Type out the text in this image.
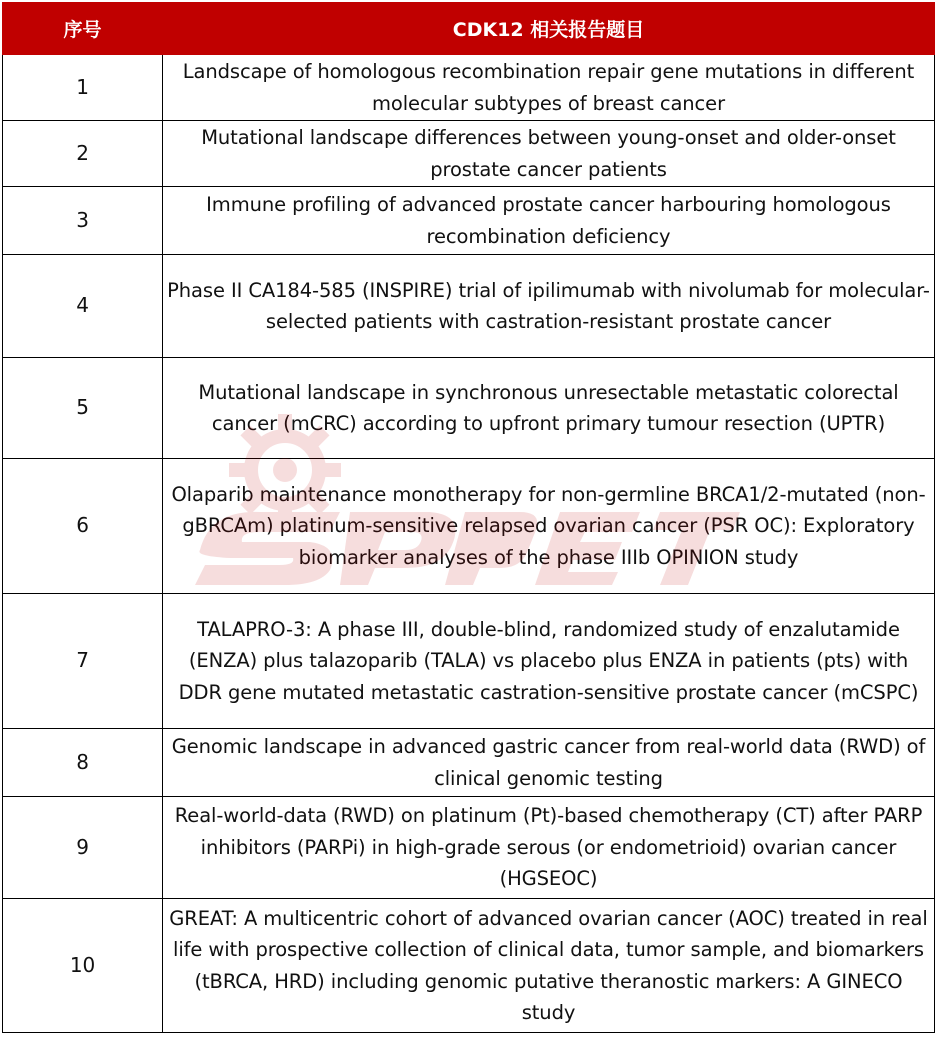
序号	CDK12 相关报告题目
1	Landscape of homologous recombination repair gene mutations in different molecular subtypes of breast cancer
2	Mutational landscape differences between young-onset and older-onset prostate cancer patients
3	Immune profiling of advanced prostate cancer harbouring homologous recombination deficiency
4	Phase II CA184-585 (INSPIRE) trial of ipilimumab with nivolumab for molecular-selected patients with castration-resistant prostate cancer
5	Mutational landscape in synchronous unresectable metastatic colorectal cancer (mCRC) according to upfront primary tumour resection (UPTR)
6	Olaparib maintenance monotherapy for non-germline BRCA1/2-mutated (non-gBRCAm) platinum-sensitive relapsed ovarian cancer (PSR OC): Exploratory biomarker analyses of the phase IIIb OPINION study
7	TALAPRO-3: A phase III, double-blind, randomized study of enzalutamide (ENZA) plus talazoparib (TALA) vs placebo plus ENZA in patients (pts) with DDR gene mutated metastatic castration-sensitive prostate cancer (mCSPC)
8	Genomic landscape in advanced gastric cancer from real-world data (RWD) of clinical genomic testing
9	Real-world-data (RWD) on platinum (Pt)-based chemotherapy (CT) after PARP inhibitors (PARPi) in high-grade serous (or endometrioid) ovarian cancer (HGSEOC)
10	GREAT: A multicentric cohort of advanced ovarian cancer (AOC) treated in real life with prospective collection of clinical data, tumor sample, and biomarkers (tBRCA, HRD) including genomic putative theranostic markers: A GINECO study
